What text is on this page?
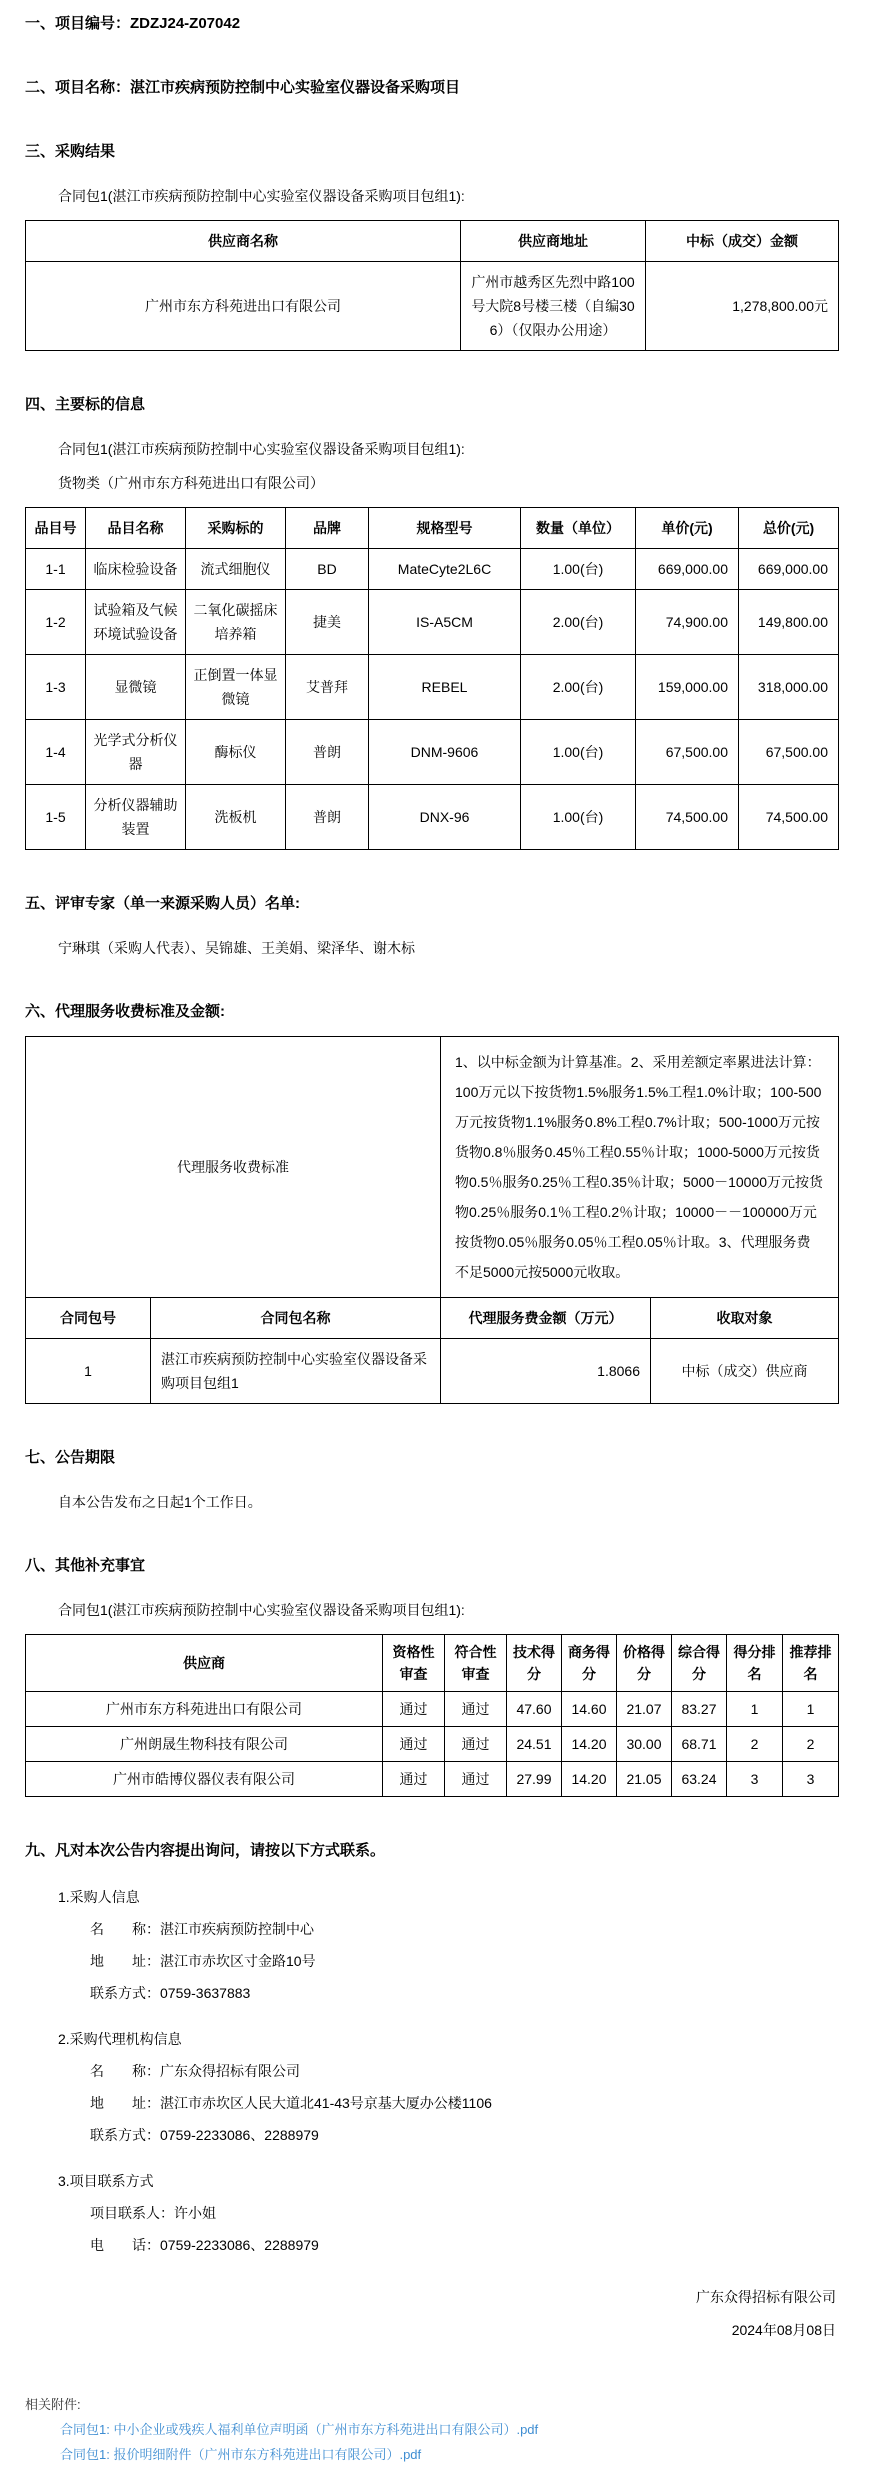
一、项目编号：ZDZJ24-Z07042
二、项目名称：湛江市疾病预防控制中心实验室仪器设备采购项目
三、采购结果
合同包1(湛江市疾病预防控制中心实验室仪器设备采购项目包组1):
供应商名称	供应商地址	中标（成交）金额
广州市东方科苑进出口有限公司	广州市越秀区先烈中路100号大院8号楼三楼（自编306）（仅限办公用途）	1,278,800.00元
四、主要标的信息
合同包1(湛江市疾病预防控制中心实验室仪器设备采购项目包组1):
货物类（广州市东方科苑进出口有限公司）
品目号	品目名称	采购标的	品牌	规格型号	数量（单位）	单价(元)	总价(元)
1-1	临床检验设备	流式细胞仪	BD	MateCyte2L6C	1.00(台)	669,000.00	669,000.00
1-2	试验箱及气候环境试验设备	二氧化碳摇床培养箱	捷美	IS-A5CM	2.00(台)	74,900.00	149,800.00
1-3	显微镜	正倒置一体显微镜	艾普拜	REBEL	2.00(台)	159,000.00	318,000.00
1-4	光学式分析仪器	酶标仪	普朗	DNM-9606	1.00(台)	67,500.00	67,500.00
1-5	分析仪器辅助装置	洗板机	普朗	DNX-96	1.00(台)	74,500.00	74,500.00
五、评审专家（单一来源采购人员）名单:
宁琳琪（采购人代表）、吴锦雄、王美娟、梁泽华、谢木标
六、代理服务收费标准及金额:
代理服务收费标准		1、以中标金额为计算基准。2、采用差额定率累进法计算：100万元以下按货物1.5%服务1.5%工程1.0%计取；100-500万元按货物1.1%服务0.8%工程0.7%计取；500-1000万元按货物0.8％服务0.45％工程0.55％计取；1000-5000万元按货物0.5％服务0.25％工程0.35％计取；5000－10000万元按货物0.25％服务0.1％工程0.2％计取；10000－－100000万元按货物0.05％服务0.05％工程0.05％计取。3、代理服务费不足5000元按5000元收取。	
合同包号	合同包名称	代理服务费金额（万元）	收取对象
1	湛江市疾病预防控制中心实验室仪器设备采购项目包组1	1.8066	中标（成交）供应商
七、公告期限
自本公告发布之日起1个工作日。
八、其他补充事宜
合同包1(湛江市疾病预防控制中心实验室仪器设备采购项目包组1):
供应商	资格性审查	符合性审查	技术得分	商务得分	价格得分	综合得分	得分排名	推荐排名
广州市东方科苑进出口有限公司	通过	通过	47.60	14.60	21.07	83.27	1	1
广州朗晟生物科技有限公司	通过	通过	24.51	14.20	30.00	68.71	2	2
广州市皓博仪器仪表有限公司	通过	通过	27.99	14.20	21.05	63.24	3	3
九、凡对本次公告内容提出询问，请按以下方式联系。
1.采购人信息
名　　称：湛江市疾病预防控制中心
地　　址：湛江市赤坎区寸金路10号
联系方式：0759-3637883
2.采购代理机构信息
名　　称：广东众得招标有限公司
地　　址：湛江市赤坎区人民大道北41-43号京基大厦办公楼1106
联系方式：0759-2233086、2288979
3.项目联系方式
项目联系人：许小姐
电　　话：0759-2233086、2288979
广东众得招标有限公司
2024年08月08日
相关附件:
合同包1: 中小企业或残疾人福利单位声明函（广州市东方科苑进出口有限公司）.pdf
合同包1: 报价明细附件（广州市东方科苑进出口有限公司）.pdf
